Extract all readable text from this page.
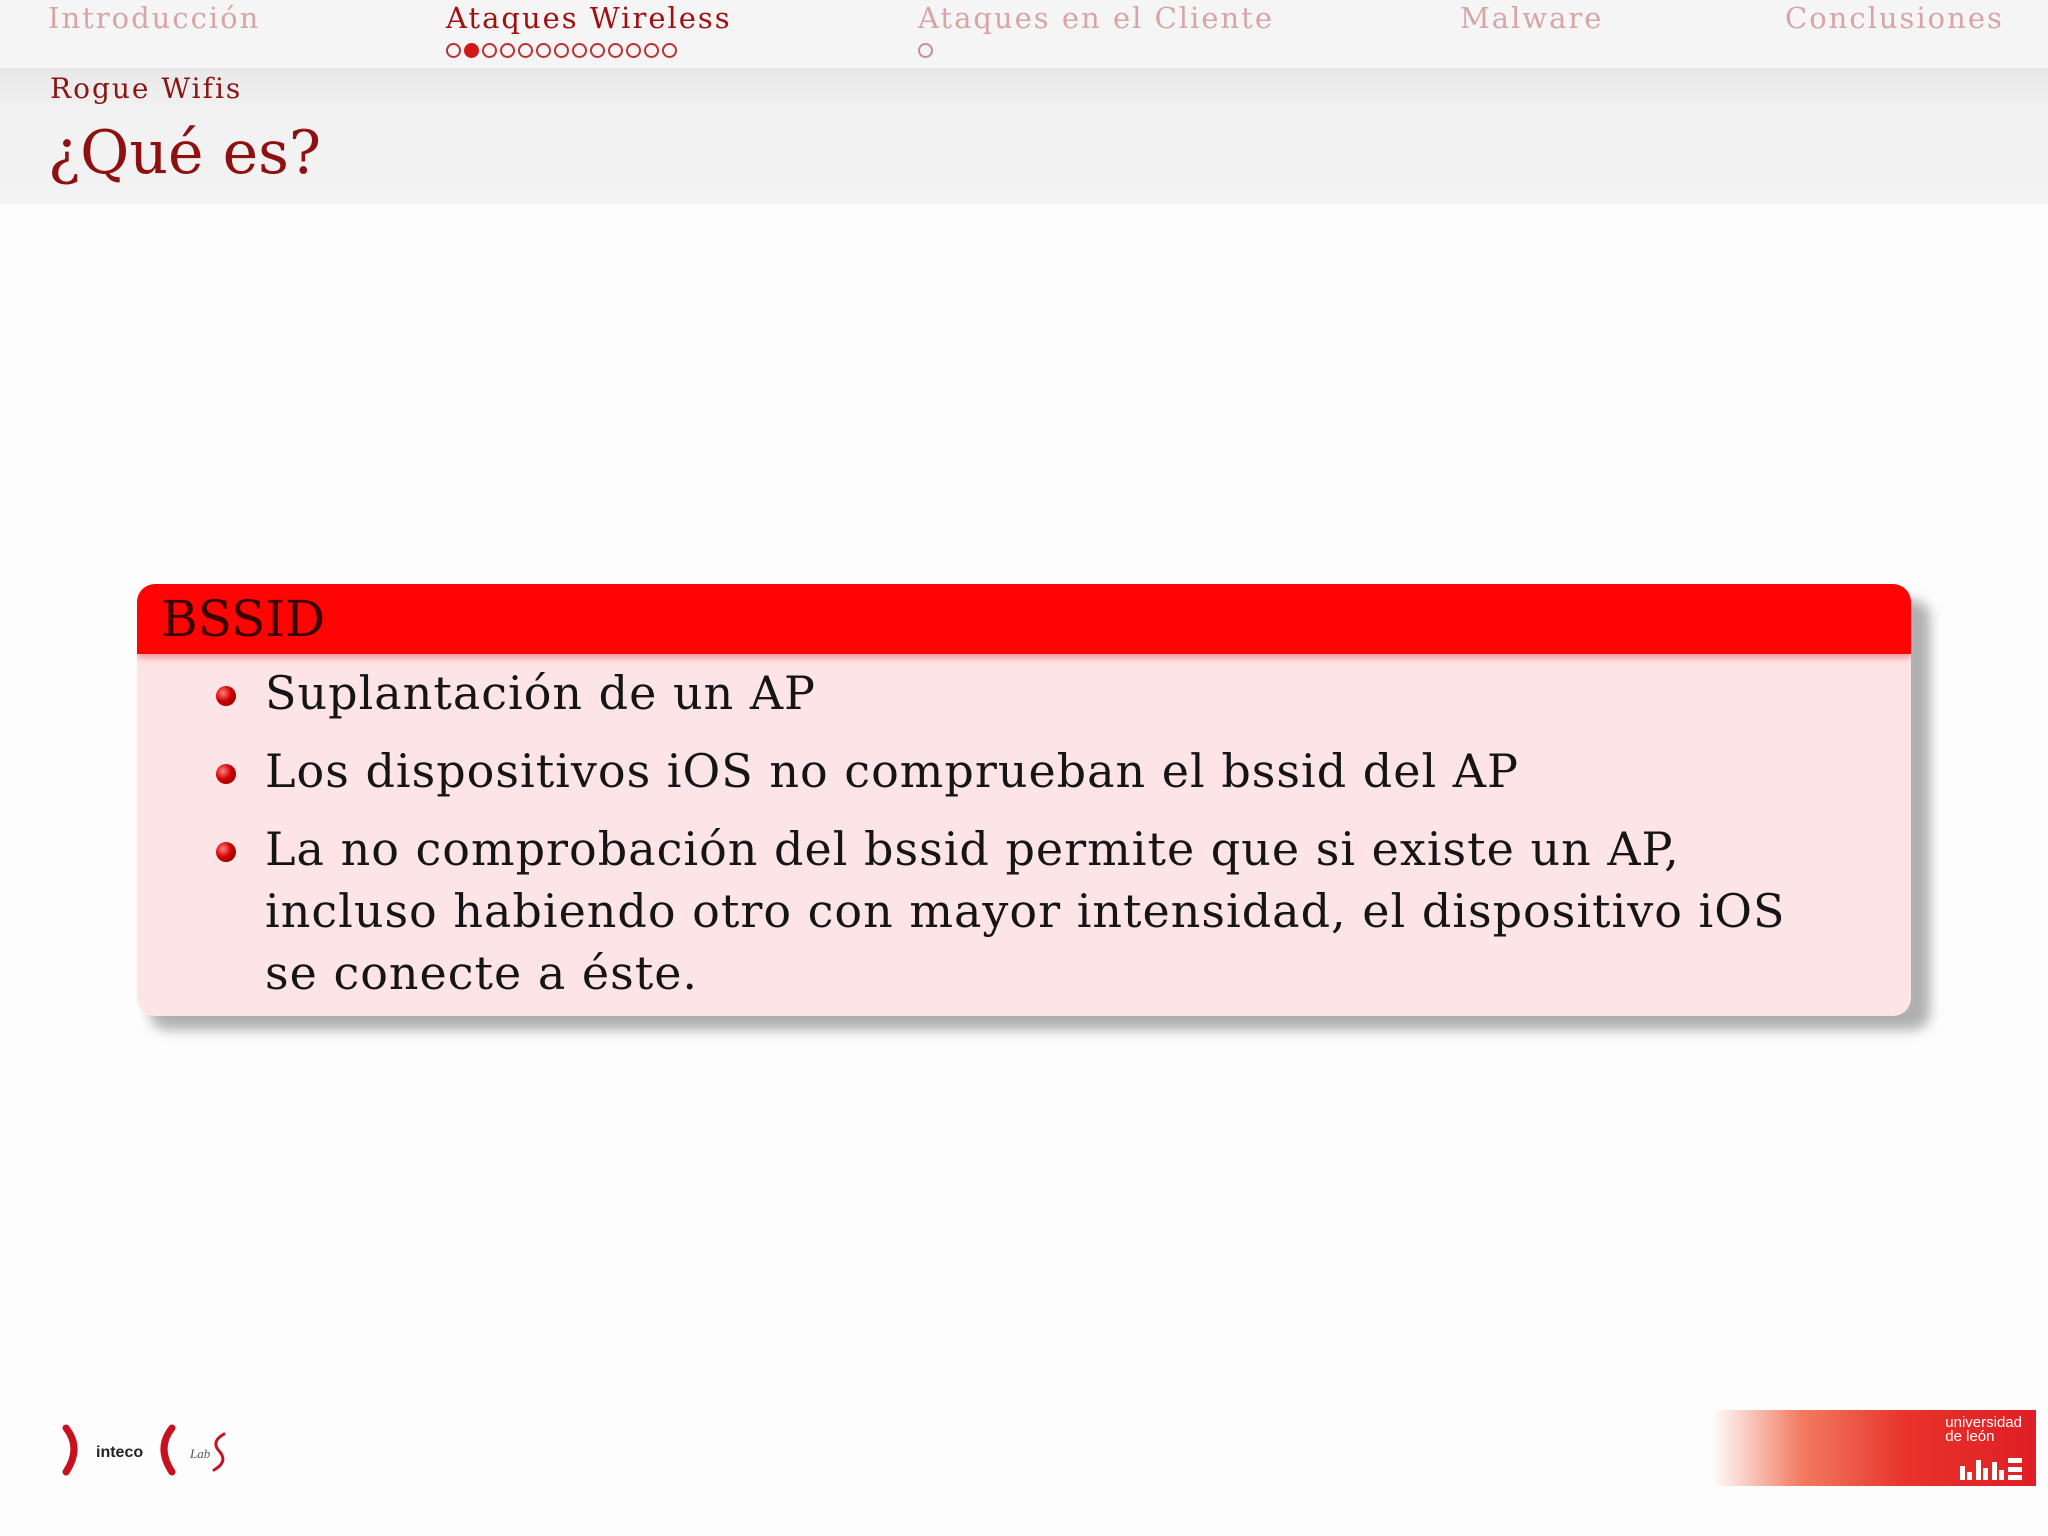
Introducción	Ataques Wireless	Ataques en el Cliente	Malware	Conclusiones
Rogue Wifis
¿Qué es?
BSSID
Suplantación de un AP
Los dispositivos iOS no comprueban el bssid del AP
La no comprobación del bssid permite que si existe un AP, incluso habiendo otro con mayor intensidad, el dispositivo iOS se conecte a éste.
inteco	Lab
universidad
de león
